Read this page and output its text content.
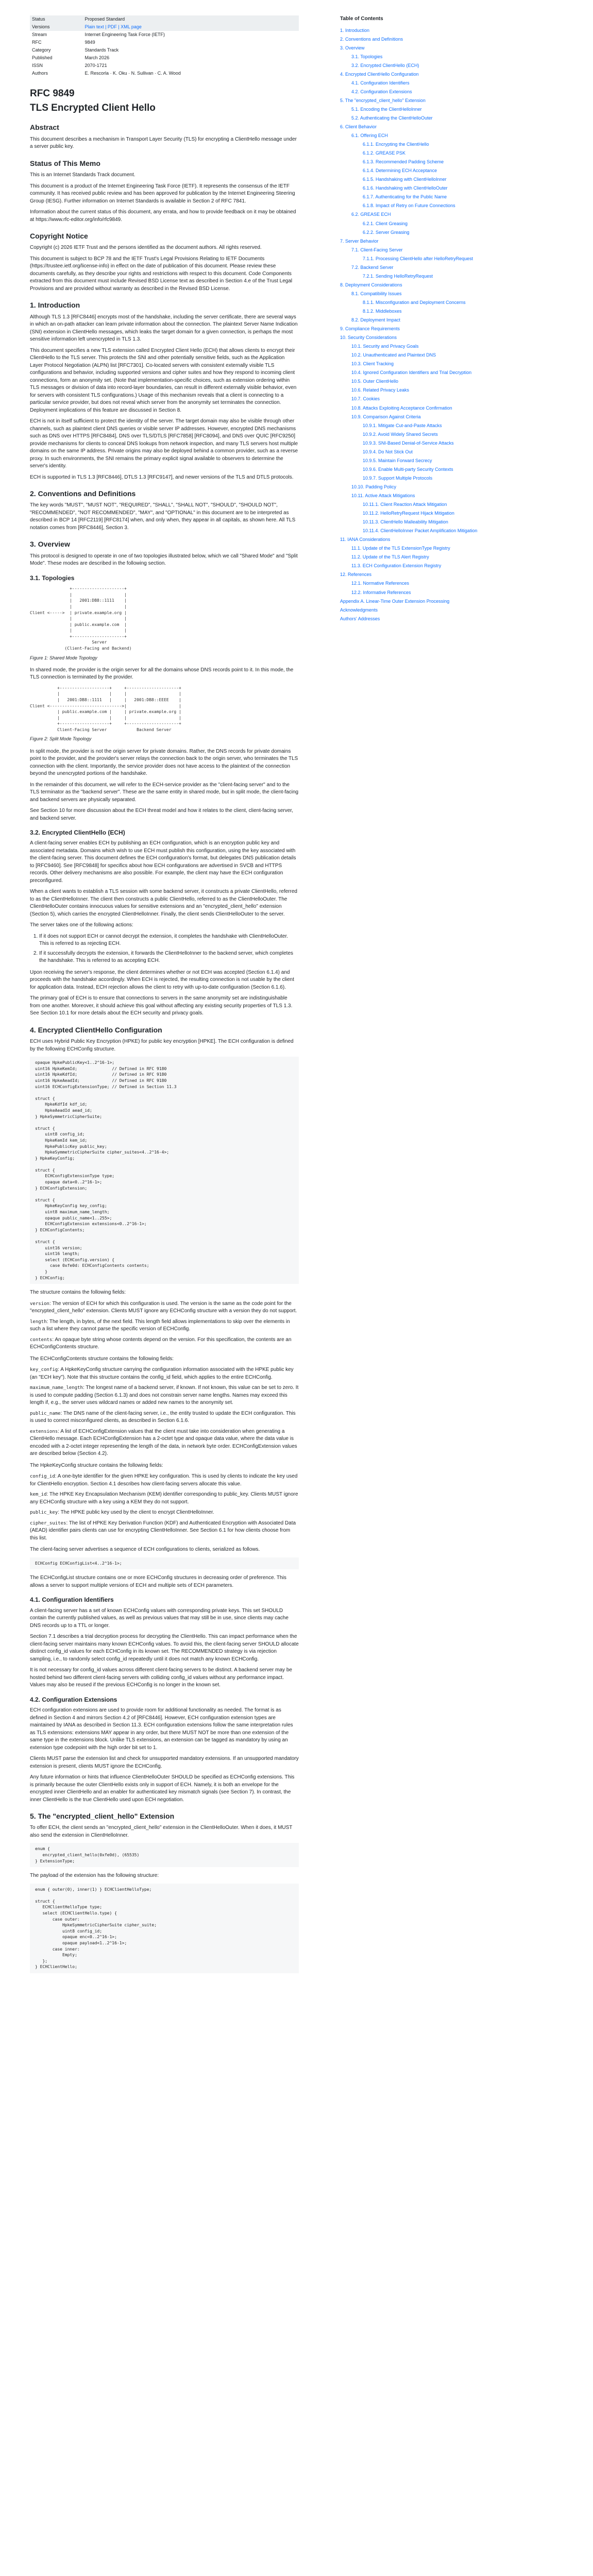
Status	Proposed Standard
Versions	Plain text | PDF | XML page
Stream	Internet Engineering Task Force (IETF)
RFC	9849
Category	Standards Track
Published	March 2026
ISSN	2070-1721
Authors	E. Rescorla · K. Oku · N. Sullivan · C. A. Wood
RFC 9849
TLS Encrypted Client Hello
Abstract

This document describes a mechanism in Transport Layer Security (TLS) for encrypting a ClientHello message under a server public key.

Status of This Memo

This is an Internet Standards Track document.

This document is a product of the Internet Engineering Task Force (IETF). It represents the consensus of the IETF community. It has received public review and has been approved for publication by the Internet Engineering Steering Group (IESG). Further information on Internet Standards is available in Section 2 of RFC 7841.

Information about the current status of this document, any errata, and how to provide feedback on it may be obtained at https://www.rfc-editor.org/info/rfc9849.

Copyright Notice

Copyright (c) 2026 IETF Trust and the persons identified as the document authors. All rights reserved.

This document is subject to BCP 78 and the IETF Trust's Legal Provisions Relating to IETF Documents (https://trustee.ietf.org/license-info) in effect on the date of publication of this document. Please review these documents carefully, as they describe your rights and restrictions with respect to this document. Code Components extracted from this document must include Revised BSD License text as described in Section 4.e of the Trust Legal Provisions and are provided without warranty as described in the Revised BSD License.

1. Introduction

Although TLS 1.3 [RFC8446] encrypts most of the handshake, including the server certificate, there are several ways in which an on-path attacker can learn private information about the connection. The plaintext Server Name Indication (SNI) extension in ClientHello messages, which leaks the target domain for a given connection, is perhaps the most sensitive information left unencrypted in TLS 1.3.

This document specifies a new TLS extension called Encrypted Client Hello (ECH) that allows clients to encrypt their ClientHello to the TLS server. This protects the SNI and other potentially sensitive fields, such as the Application Layer Protocol Negotiation (ALPN) list [RFC7301]. Co-located servers with consistent externally visible TLS configurations and behavior, including supported versions and cipher suites and how they respond to incoming client connections, form an anonymity set. (Note that implementation-specific choices, such as extension ordering within TLS messages or division of data into record-layer boundaries, can result in different externally visible behavior, even for servers with consistent TLS configurations.) Usage of this mechanism reveals that a client is connecting to a particular service provider, but does not reveal which server from the anonymity set terminates the connection. Deployment implications of this feature are discussed in Section 8.

ECH is not in itself sufficient to protect the identity of the server. The target domain may also be visible through other channels, such as plaintext client DNS queries or visible server IP addresses. However, encrypted DNS mechanisms such as DNS over HTTPS [RFC8484], DNS over TLS/DTLS [RFC7858] [RFC8094], and DNS over QUIC [RFC9250] provide mechanisms for clients to conceal DNS lookups from network inspection, and many TLS servers host multiple domains on the same IP address. Private origins may also be deployed behind a common provider, such as a reverse proxy. In such environments, the SNI remains the primary explicit signal available to observers to determine the server's identity.

ECH is supported in TLS 1.3 [RFC8446], DTLS 1.3 [RFC9147], and newer versions of the TLS and DTLS protocols.

2. Conventions and Definitions

The key words "MUST", "MUST NOT", "REQUIRED", "SHALL", "SHALL NOT", "SHOULD", "SHOULD NOT", "RECOMMENDED", "NOT RECOMMENDED", "MAY", and "OPTIONAL" in this document are to be interpreted as described in BCP 14 [RFC2119] [RFC8174] when, and only when, they appear in all capitals, as shown here. All TLS notation comes from [RFC8446], Section 3.

3. Overview

This protocol is designed to operate in one of two topologies illustrated below, which we call "Shared Mode" and "Split Mode". These modes are described in the following section.

3.1. Topologies
+---------------------+
|                     |
|   2001:DB8::1111    |
|                     |
Client <----->  | private.example.org |
|                     |
| public.example.com  |
|                     |
+---------------------+
Server
(Client-Facing and Backend)

Figure 1: Shared Mode Topology

In shared mode, the provider is the origin server for all the domains whose DNS records point to it. In this mode, the TLS connection is terminated by the provider.

+--------------------+     +---------------------+
|                    |     |                     |
|   2001:DB8::1111   |     |   2001:DB8::EEEE    |
Client <----------------------------->|                     |
| public.example.com |     | private.example.org |
|                    |     |                     |
+--------------------+     +---------------------+
Client-Facing Server            Backend Server

Figure 2: Split Mode Topology

In split mode, the provider is not the origin server for private domains. Rather, the DNS records for private domains point to the provider, and the provider's server relays the connection back to the origin server, who terminates the TLS connection with the client. Importantly, the service provider does not have access to the plaintext of the connection beyond the unencrypted portions of the handshake.

In the remainder of this document, we will refer to the ECH-service provider as the "client-facing server" and to the TLS terminator as the "backend server". These are the same entity in shared mode, but in split mode, the client-facing and backend servers are physically separated.

See Section 10 for more discussion about the ECH threat model and how it relates to the client, client-facing server, and backend server.

3.2. Encrypted ClientHello (ECH)

A client-facing server enables ECH by publishing an ECH configuration, which is an encryption public key and associated metadata. Domains which wish to use ECH must publish this configuration, using the key associated with the client-facing server. This document defines the ECH configuration's format, but delegates DNS publication details to [RFC9460]. See [RFC9848] for specifics about how ECH configurations are advertised in SVCB and HTTPS records. Other delivery mechanisms are also possible. For example, the client may have the ECH configuration preconfigured.

When a client wants to establish a TLS session with some backend server, it constructs a private ClientHello, referred to as the ClientHelloInner. The client then constructs a public ClientHello, referred to as the ClientHelloOuter. The ClientHelloOuter contains innocuous values for sensitive extensions and an "encrypted_client_hello" extension (Section 5), which carries the encrypted ClientHelloInner. Finally, the client sends ClientHelloOuter to the server.

The server takes one of the following actions:

1. If it does not support ECH or cannot decrypt the extension, it completes the handshake with ClientHelloOuter. This is referred to as rejecting ECH.
2. If it successfully decrypts the extension, it forwards the ClientHelloInner to the backend server, which completes the handshake. This is referred to as accepting ECH.

Upon receiving the server's response, the client determines whether or not ECH was accepted (Section 6.1.4) and proceeds with the handshake accordingly. When ECH is rejected, the resulting connection is not usable by the client for application data. Instead, ECH rejection allows the client to retry with up-to-date configuration (Section 6.1.6).

The primary goal of ECH is to ensure that connections to servers in the same anonymity set are indistinguishable from one another. Moreover, it should achieve this goal without affecting any existing security properties of TLS 1.3. See Section 10.1 for more details about the ECH security and privacy goals.

4. Encrypted ClientHello Configuration

ECH uses Hybrid Public Key Encryption (HPKE) for public key encryption [HPKE]. The ECH configuration is defined by the following ECHConfig structure.

opaque HpkePublicKey<1..2^16-1>;
uint16 HpkeKemId;              // Defined in RFC 9180
uint16 HpkeKdfId;              // Defined in RFC 9180
uint16 HpkeAeadId;             // Defined in RFC 9180
uint16 ECHConfigExtensionType; // Defined in Section 11.3

struct {
HpkeKdfId kdf_id;
HpkeAeadId aead_id;
} HpkeSymmetricCipherSuite;

struct {
uint8 config_id;
HpkeKemId kem_id;
HpkePublicKey public_key;
HpkeSymmetricCipherSuite cipher_suites<4..2^16-4>;
} HpkeKeyConfig;

struct {
ECHConfigExtensionType type;
opaque data<0..2^16-1>;
} ECHConfigExtension;

struct {
HpkeKeyConfig key_config;
uint8 maximum_name_length;
opaque public_name<1..255>;
ECHConfigExtension extensions<0..2^16-1>;
} ECHConfigContents;

struct {
uint16 version;
uint16 length;
select (ECHConfig.version) {
case 0xfe0d: ECHConfigContents contents;
}
} ECHConfig;

The structure contains the following fields:

version: The version of ECH for which this configuration is used. The version is the same as the code point for the "encrypted_client_hello" extension. Clients MUST ignore any ECHConfig structure with a version they do not support.
length: The length, in bytes, of the next field. This length field allows implementations to skip over the elements in such a list where they cannot parse the specific version of ECHConfig.
contents: An opaque byte string whose contents depend on the version. For this specification, the contents are an ECHConfigContents structure.

The ECHConfigContents structure contains the following fields:

key_config: A HpkeKeyConfig structure carrying the configuration information associated with the HPKE public key (an "ECH key"). Note that this structure contains the config_id field, which applies to the entire ECHConfig.
maximum_name_length: The longest name of a backend server, if known. If not known, this value can be set to zero. It is used to compute padding (Section 6.1.3) and does not constrain server name lengths. Names may exceed this length if, e.g., the server uses wildcard names or added new names to the anonymity set.
public_name: The DNS name of the client-facing server, i.e., the entity trusted to update the ECH configuration. This is used to correct misconfigured clients, as described in Section 6.1.6.
extensions: A list of ECHConfigExtension values that the client must take into consideration when generating a ClientHello message. Each ECHConfigExtension has a 2-octet type and opaque data value, where the data value is encoded with a 2-octet integer representing the length of the data, in network byte order. ECHConfigExtension values are described below (Section 4.2).

The HpkeKeyConfig structure contains the following fields:

config_id: A one-byte identifier for the given HPKE key configuration. This is used by clients to indicate the key used for ClientHello encryption. Section 4.1 describes how client-facing servers allocate this value.
kem_id: The HPKE Key Encapsulation Mechanism (KEM) identifier corresponding to public_key. Clients MUST ignore any ECHConfig structure with a key using a KEM they do not support.
public_key: The HPKE public key used by the client to encrypt ClientHelloInner.
cipher_suites: The list of HPKE Key Derivation Function (KDF) and Authenticated Encryption with Associated Data (AEAD) identifier pairs clients can use for encrypting ClientHelloInner. See Section 6.1 for how clients choose from this list.

The client-facing server advertises a sequence of ECH configurations to clients, serialized as follows.

ECHConfig ECHConfigList<4..2^16-1>;

The ECHConfigList structure contains one or more ECHConfig structures in decreasing order of preference. This allows a server to support multiple versions of ECH and multiple sets of ECH parameters.

4.1. Configuration Identifiers

A client-facing server has a set of known ECHConfig values with corresponding private keys. This set SHOULD contain the currently published values, as well as previous values that may still be in use, since clients may cache DNS records up to a TTL or longer.

Section 7.1 describes a trial decryption process for decrypting the ClientHello. This can impact performance when the client-facing server maintains many known ECHConfig values. To avoid this, the client-facing server SHOULD allocate distinct config_id values for each ECHConfig in its known set. The RECOMMENDED strategy is via rejection sampling, i.e., to randomly select config_id repeatedly until it does not match any known ECHConfig.

It is not necessary for config_id values across different client-facing servers to be distinct. A backend server may be hosted behind two different client-facing servers with colliding config_id values without any performance impact. Values may also be reused if the previous ECHConfig is no longer in the known set.

4.2. Configuration Extensions

ECH configuration extensions are used to provide room for additional functionality as needed. The format is as defined in Section 4 and mirrors Section 4.2 of [RFC8446]. However, ECH configuration extension types are maintained by IANA as described in Section 11.3. ECH configuration extensions follow the same interpretation rules as TLS extensions: extensions MAY appear in any order, but there MUST NOT be more than one extension of the same type in the extensions block. Unlike TLS extensions, an extension can be tagged as mandatory by using an extension type codepoint with the high order bit set to 1.

Clients MUST parse the extension list and check for unsupported mandatory extensions. If an unsupported mandatory extension is present, clients MUST ignore the ECHConfig.

Any future information or hints that influence ClientHelloOuter SHOULD be specified as ECHConfig extensions. This is primarily because the outer ClientHello exists only in support of ECH. Namely, it is both an envelope for the encrypted inner ClientHello and an enabler for authenticated key mismatch signals (see Section 7). In contrast, the inner ClientHello is the true ClientHello used upon ECH negotiation.

5. The "encrypted_client_hello" Extension

To offer ECH, the client sends an "encrypted_client_hello" extension in the ClientHelloOuter. When it does, it MUST also send the extension in ClientHelloInner.

enum {
encrypted_client_hello(0xfe0d), (65535)
} ExtensionType;

The payload of the extension has the following structure:

enum { outer(0), inner(1) } ECHClientHelloType;

struct {
ECHClientHelloType type;
select (ECHClientHello.type) {
case outer:
HpkeSymmetricCipherSuite cipher_suite;
uint8 config_id;
opaque enc<0..2^16-1>;
opaque payload<1..2^16-1>;
case inner:
Empty;
};
} ECHClientHello;
Table of Contents
1. Introduction
2. Conventions and Definitions
3. Overview
3.1. Topologies
3.2. Encrypted ClientHello (ECH)
4. Encrypted ClientHello Configuration
4.1. Configuration Identifiers
4.2. Configuration Extensions
5. The "encrypted_client_hello" Extension
5.1. Encoding the ClientHelloInner
5.2. Authenticating the ClientHelloOuter
6. Client Behavior
6.1. Offering ECH
6.1.1. Encrypting the ClientHello
6.1.2. GREASE PSK
6.1.3. Recommended Padding Scheme
6.1.4. Determining ECH Acceptance
6.1.5. Handshaking with ClientHelloInner
6.1.6. Handshaking with ClientHelloOuter
6.1.7. Authenticating for the Public Name
6.1.8. Impact of Retry on Future Connections
6.2. GREASE ECH
6.2.1. Client Greasing
6.2.2. Server Greasing
7. Server Behavior
7.1. Client-Facing Server
7.1.1. Processing ClientHello after HelloRetryRequest
7.2. Backend Server
7.2.1. Sending HelloRetryRequest
8. Deployment Considerations
8.1. Compatibility Issues
8.1.1. Misconfiguration and Deployment Concerns
8.1.2. Middleboxes
8.2. Deployment Impact
9. Compliance Requirements
10. Security Considerations
10.1. Security and Privacy Goals
10.2. Unauthenticated and Plaintext DNS
10.3. Client Tracking
10.4. Ignored Configuration Identifiers and Trial Decryption
10.5. Outer ClientHello
10.6. Related Privacy Leaks
10.7. Cookies
10.8. Attacks Exploiting Acceptance Confirmation
10.9. Comparison Against Criteria
10.9.1. Mitigate Cut-and-Paste Attacks
10.9.2. Avoid Widely Shared Secrets
10.9.3. SNI-Based Denial-of-Service Attacks
10.9.4. Do Not Stick Out
10.9.5. Maintain Forward Secrecy
10.9.6. Enable Multi-party Security Contexts
10.9.7. Support Multiple Protocols
10.10. Padding Policy
10.11. Active Attack Mitigations
10.11.1. Client Reaction Attack Mitigation
10.11.2. HelloRetryRequest Hijack Mitigation
10.11.3. ClientHello Malleability Mitigation
10.11.4. ClientHelloInner Packet Amplification Mitigation
11. IANA Considerations
11.1. Update of the TLS ExtensionType Registry
11.2. Update of the TLS Alert Registry
11.3. ECH Configuration Extension Registry
12. References
12.1. Normative References
12.2. Informative References
Appendix A. Linear-Time Outer Extension Processing
Acknowledgments
Authors' Addresses
